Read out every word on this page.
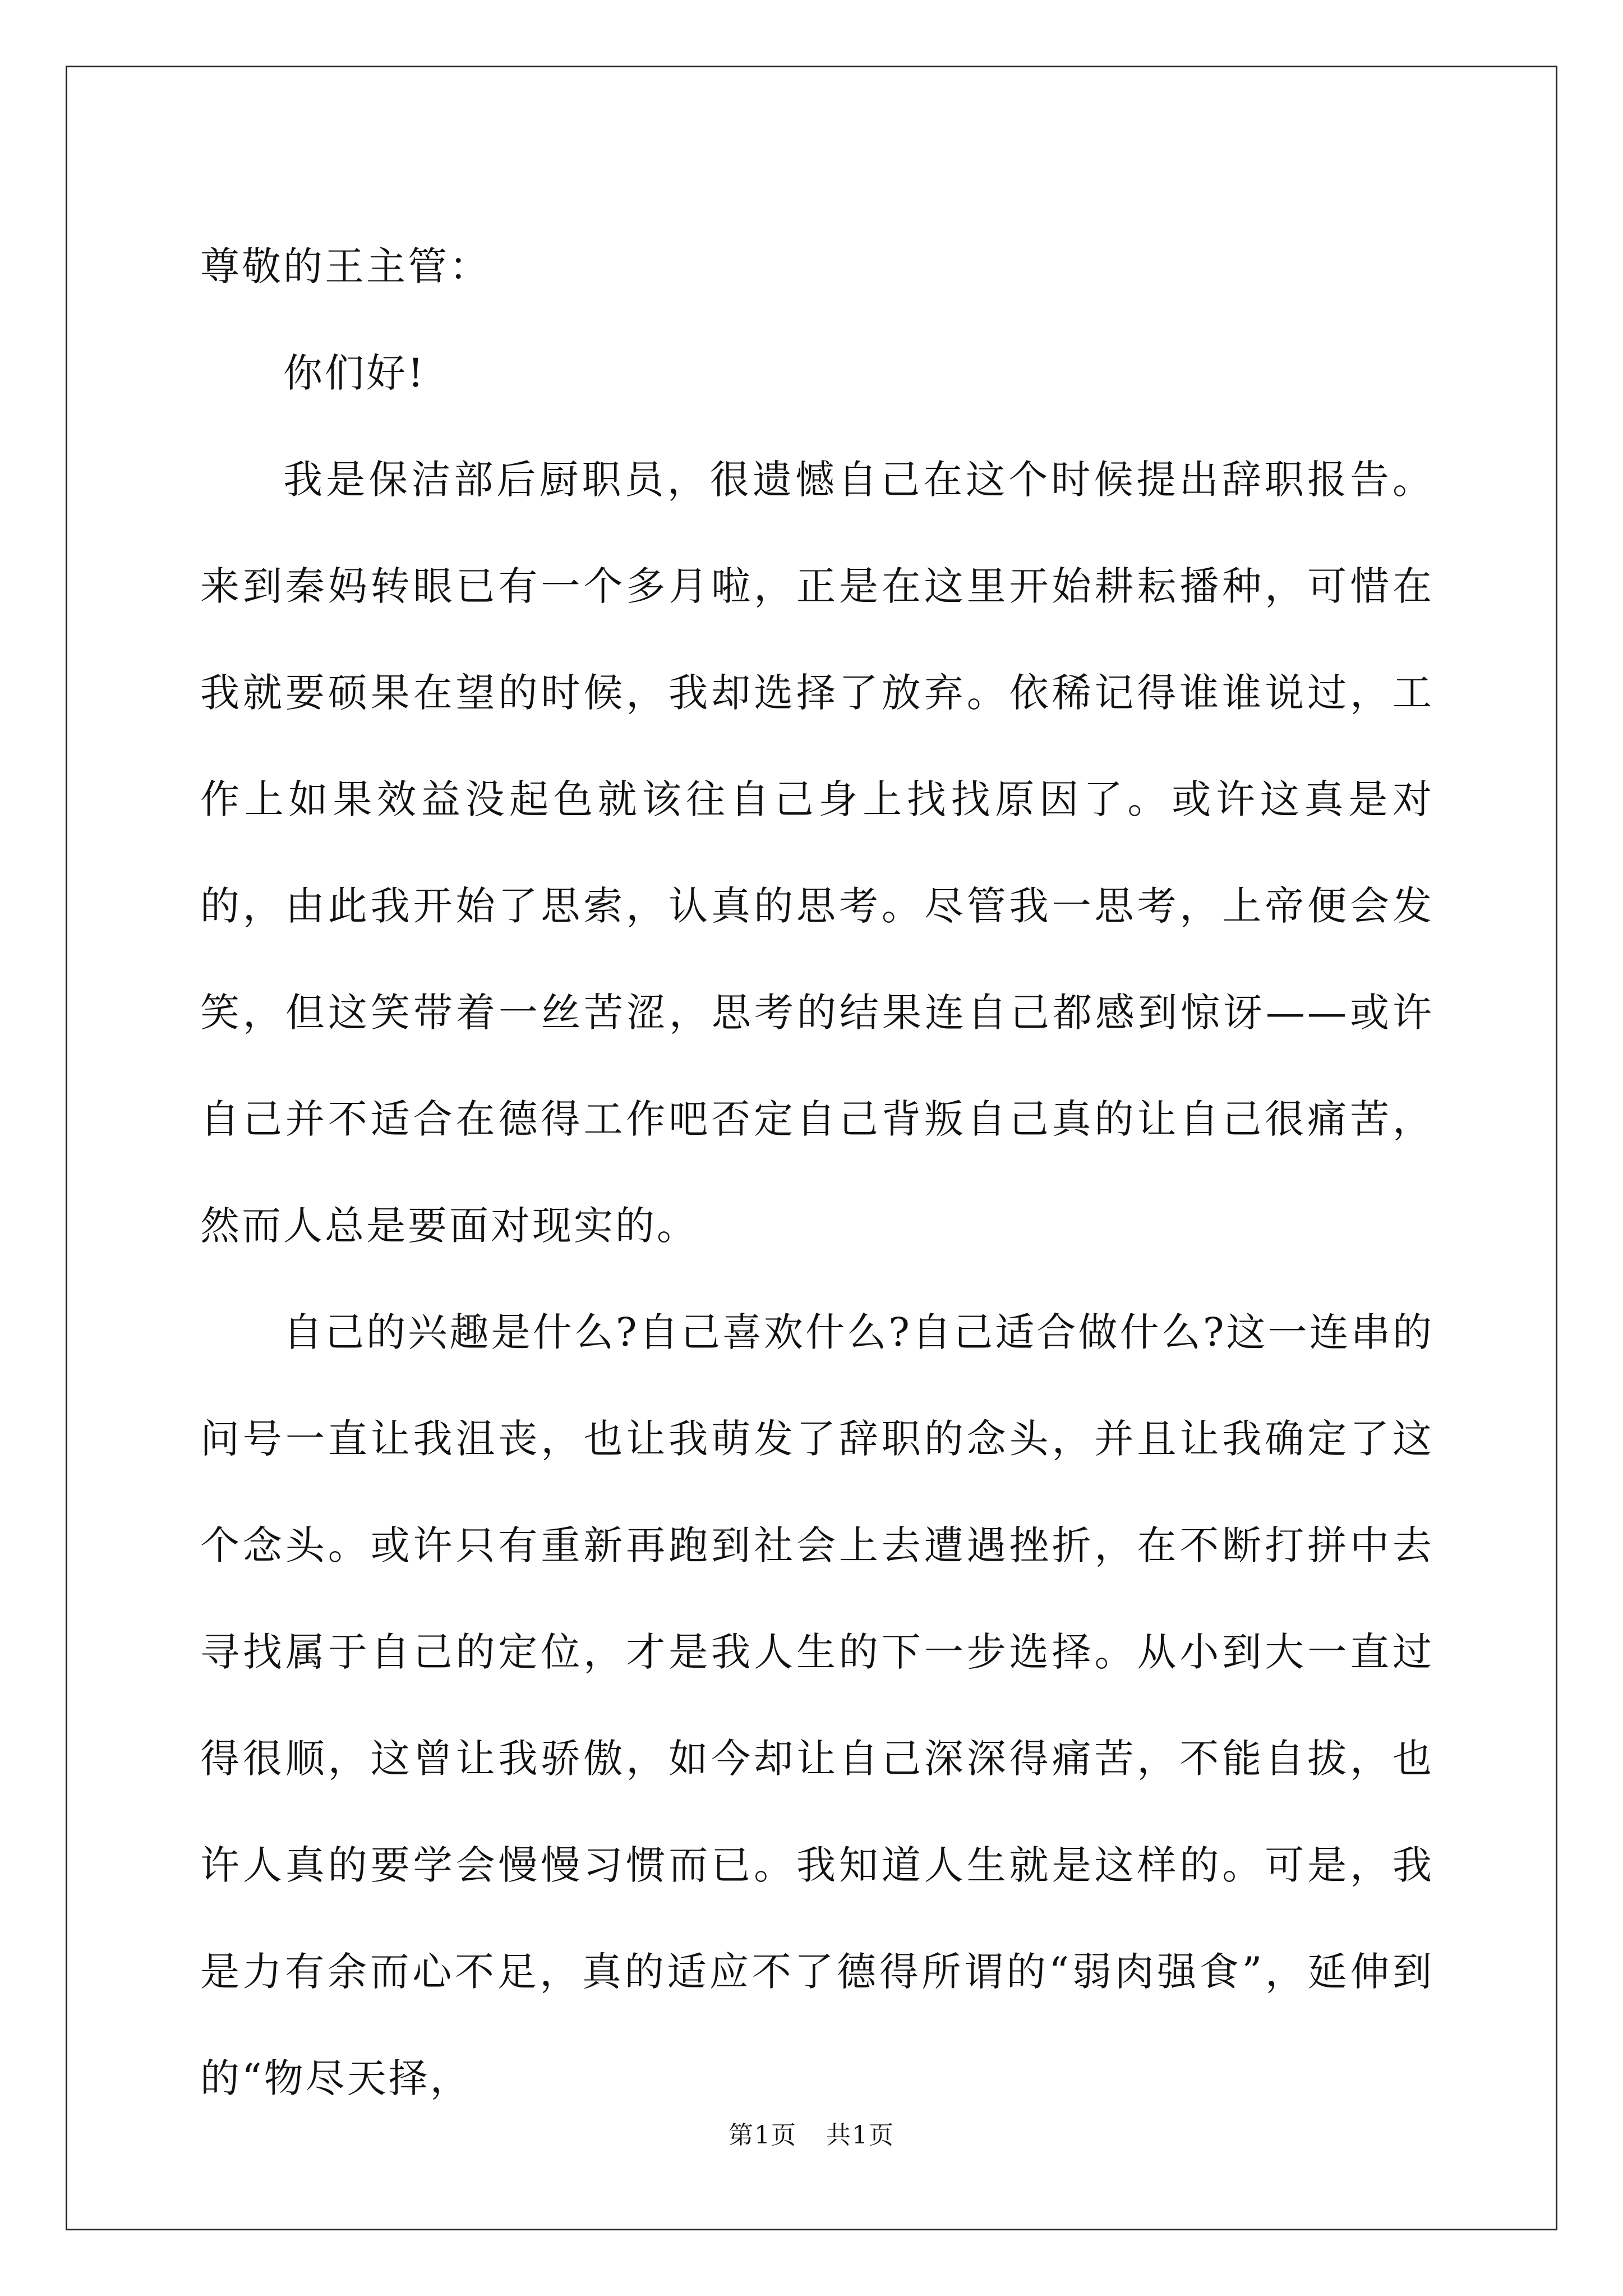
尊敬的王主管：

你们好!

我是保洁部后厨职员，很遗憾自己在这个时候提出辞职报告。来到秦妈转眼已有一个多月啦，正是在这里开始耕耘播种，可惜在我就要硕果在望的时候，我却选择了放弃。依稀记得谁谁说过，工作上如果效益没起色就该往自己身上找找原因了。或许这真是对的，由此我开始了思索，认真的思考。尽管我一思考，上帝便会发笑，但这笑带着一丝苦涩，思考的结果连自己都感到惊讶——或许自己并不适合在德得工作吧否定自己背叛自己真的让自己很痛苦，然而人总是要面对现实的。

自己的兴趣是什么?自己喜欢什么?自己适合做什么?这一连串的问号一直让我沮丧，也让我萌发了辞职的念头，并且让我确定了这个念头。或许只有重新再跑到社会上去遭遇挫折，在不断打拼中去寻找属于自己的定位，才是我人生的下一步选择。从小到大一直过得很顺，这曾让我骄傲，如今却让自己深深得痛苦，不能自拔，也许人真的要学会慢慢习惯而已。我知道人生就是这样的。可是，我是力有余而心不足，真的适应不了德得所谓的“弱肉强食”，延伸到的“物尽天择，

第1页 共1页
